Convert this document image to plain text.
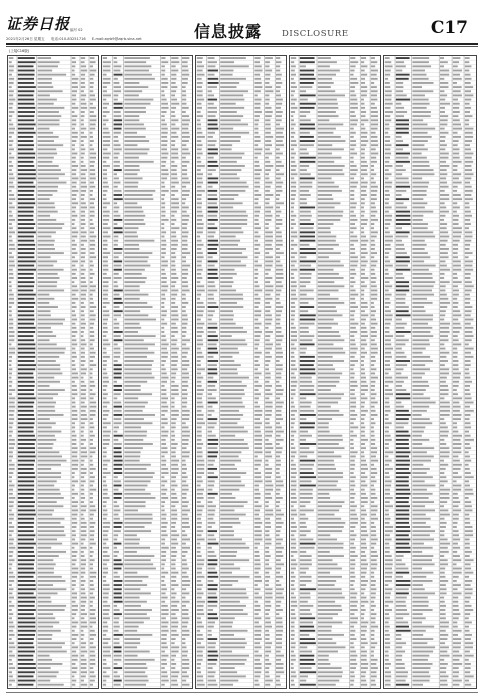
证券日报 编号 02
2021年2月26日 星期五 电话:010-83251716 E-mail:zqrb9@zqrb.sina.net	信息披露 DISCLOSURE	C17
(上接C16版)
